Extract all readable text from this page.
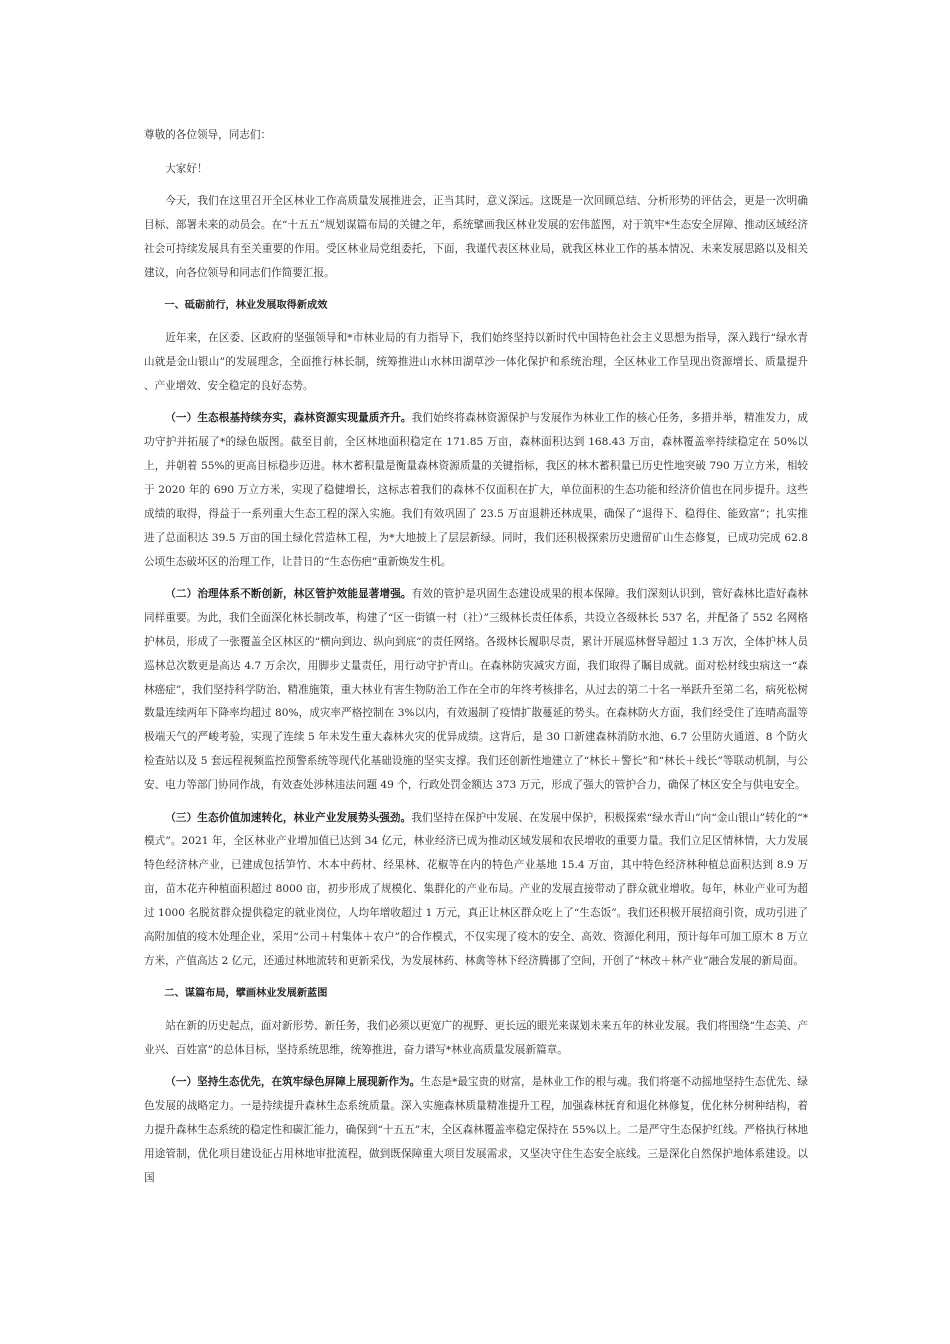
尊敬的各位领导，同志们：

大家好！

今天，我们在这里召开全区林业工作高质量发展推进会，正当其时，意义深远。这既是一次回顾总结、分析形势的评估会，更是一次明确目标、部署未来的动员会。在“十五五”规划谋篇布局的关键之年，系统擘画我区林业发展的宏伟蓝图，对于筑牢*生态安全屏障、推动区域经济社会可持续发展具有至关重要的作用。受区林业局党组委托，下面，我谨代表区林业局，就我区林业工作的基本情况、未来发展思路以及相关建议，向各位领导和同志们作简要汇报。

一、砥砺前行，林业发展取得新成效

近年来，在区委、区政府的坚强领导和*市林业局的有力指导下，我们始终坚持以新时代中国特色社会主义思想为指导，深入践行“绿水青山就是金山银山”的发展理念，全面推行林长制，统筹推进山水林田湖草沙一体化保护和系统治理，全区林业工作呈现出资源增长、质量提升 、产业增效、安全稳定的良好态势。

（一）生态根基持续夯实，森林资源实现量质齐升。我们始终将森林资源保护与发展作为林业工作的核心任务，多措并举，精准发力，成功守护并拓展了*的绿色版图。截至目前，全区林地面积稳定在 171.85 万亩，森林面积达到 168.43 万亩，森林覆盖率持续稳定在 50%以上，并朝着 55%的更高目标稳步迈进。林木蓄积量是衡量森林资源质量的关键指标，我区的林木蓄积量已历史性地突破 790 万立方米，相较于 2020 年的 690 万立方米，实现了稳健增长，这标志着我们的森林不仅面积在扩大，单位面积的生态功能和经济价值也在同步提升。这些成绩的取得，得益于一系列重大生态工程的深入实施。我们有效巩固了 23.5 万亩退耕还林成果，确保了“退得下、稳得住、能致富”；扎实推进了总面积达 39.5 万亩的国土绿化营造林工程，为*大地披上了层层新绿。同时，我们还积极探索历史遗留矿山生态修复，已成功完成 62.8 公顷生态破坏区的治理工作，让昔日的“生态伤疤”重新焕发生机。

（二）治理体系不断创新，林区管护效能显著增强。有效的管护是巩固生态建设成果的根本保障。我们深刻认识到，管好森林比造好森林同样重要。为此，我们全面深化林长制改革，构建了“区一街镇一村（社）”三级林长责任体系，共设立各级林长 537 名，并配备了 552 名网格护林员，形成了一张覆盖全区林区的“横向到边、纵向到底”的责任网络。各级林长履职尽责，累计开展巡林督导超过 1.3 万次，全体护林人员巡林总次数更是高达 4.7 万余次，用脚步丈量责任，用行动守护青山。在森林防灾减灾方面，我们取得了瞩目成就。面对松材线虫病这一“森林癌症”，我们坚持科学防治、精准施策，重大林业有害生物防治工作在全市的年终考核排名，从过去的第二十名一举跃升至第二名，病死松树数量连续两年下降率均超过 80%，成灾率严格控制在 3%以内，有效遏制了疫情扩散蔓延的势头。在森林防火方面，我们经受住了连晴高温等极端天气的严峻考验，实现了连续 5 年未发生重大森林火灾的优异成绩。这背后，是 30 口新建森林消防水池、6.7 公里防火通道、8 个防火检查站以及 5 套远程视频监控预警系统等现代化基础设施的坚实支撑。我们还创新性地建立了“林长＋警长”和“林长＋线长”等联动机制，与公安、电力等部门协同作战，有效查处涉林违法问题 49 个，行政处罚金额达 373 万元，形成了强大的管护合力，确保了林区安全与供电安全。

（三）生态价值加速转化，林业产业发展势头强劲。我们坚持在保护中发展、在发展中保护，积极探索“绿水青山”向“金山银山”转化的“*模式”。2021 年，全区林业产业增加值已达到 34 亿元，林业经济已成为推动区域发展和农民增收的重要力量。我们立足区情林情，大力发展特色经济林产业，已建成包括笋竹、木本中药材、经果林、花椒等在内的特色产业基地 15.4 万亩，其中特色经济林种植总面积达到 8.9 万亩，苗木花卉种植面积超过 8000 亩，初步形成了规模化、集群化的产业布局。产业的发展直接带动了群众就业增收。每年，林业产业可为超过 1000 名脱贫群众提供稳定的就业岗位，人均年增收超过 1 万元，真正让林区群众吃上了“生态饭”。我们还积极开展招商引资，成功引进了高附加值的疫木处理企业，采用“公司＋村集体＋农户”的合作模式，不仅实现了疫木的安全、高效、资源化利用，预计每年可加工原木 8 万立方米，产值高达 2 亿元，还通过林地流转和更新采伐，为发展林药、林禽等林下经济腾挪了空间，开创了“林改＋林产业”融合发展的新局面。

二、谋篇布局，擘画林业发展新蓝图

站在新的历史起点，面对新形势、新任务，我们必须以更宽广的视野、更长远的眼光来谋划未来五年的林业发展。我们将围绕“生态美、产业兴、百姓富”的总体目标，坚持系统思维，统筹推进，奋力谱写*林业高质量发展新篇章。

（一）坚持生态优先，在筑牢绿色屏障上展现新作为。生态是*最宝贵的财富，是林业工作的根与魂。我们将毫不动摇地坚持生态优先、绿色发展的战略定力。一是持续提升森林生态系统质量。深入实施森林质量精准提升工程，加强森林抚育和退化林修复，优化林分树种结构，着力提升森林生态系统的稳定性和碳汇能力，确保到“十五五”末，全区森林覆盖率稳定保持在 55%以上。二是严守生态保护红线。严格执行林地用途管制，优化项目建设征占用林地审批流程，做到既保障重大项目发展需求，又坚决守住生态安全底线。三是深化自然保护地体系建设。以国
